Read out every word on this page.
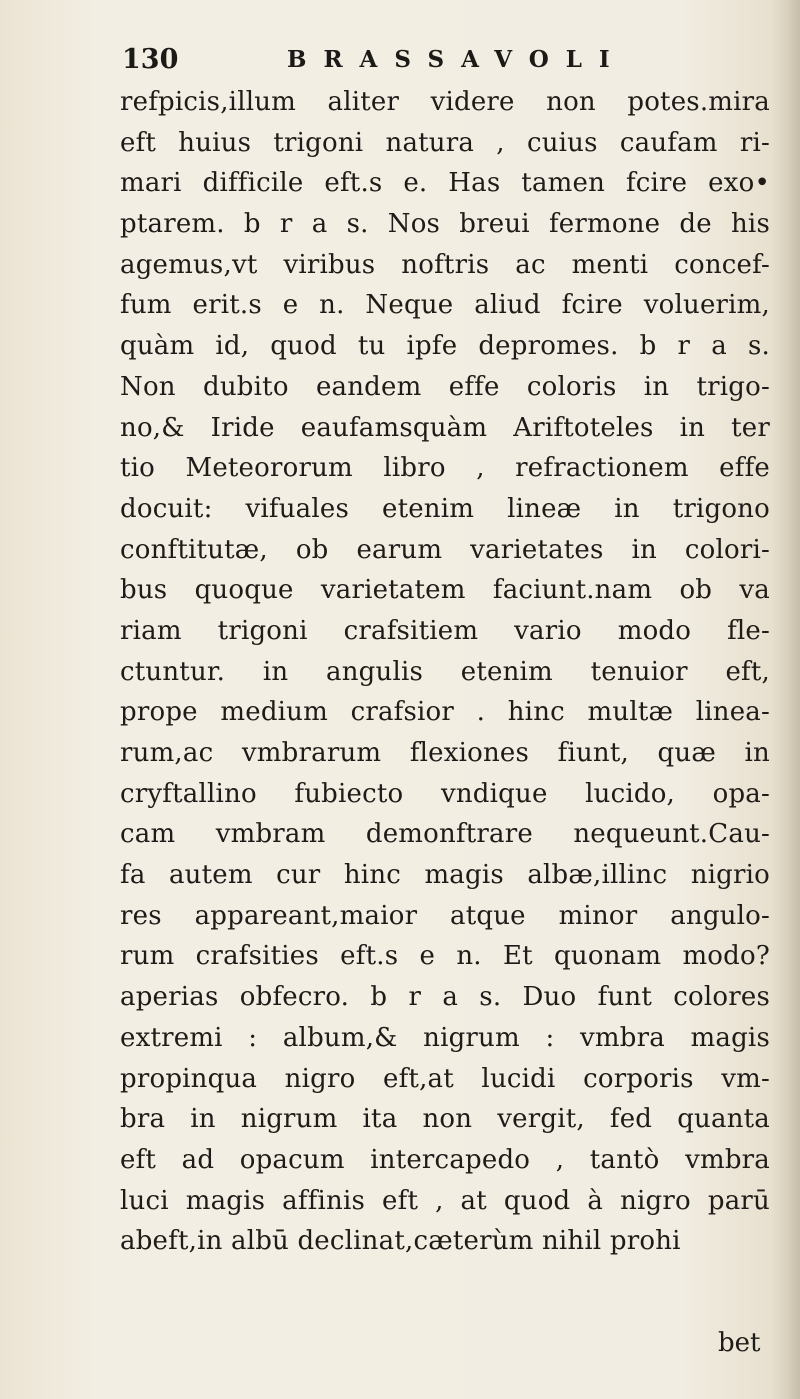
130	BRASSAVOLI
refpicis,illum aliter videre non potes.mira
eft huius trigoni natura , cuius caufam ri-
mari difficile eft.s e. Has tamen fcire exo•
ptarem. b r a s. Nos breui fermone de his
agemus,vt viribus noftris ac menti concef-
fum erit.s e n. Neque aliud fcire voluerim,
quàm id, quod tu ipfe depromes. b r a s.
Non dubito eandem effe coloris in trigo-
no,& Iride eaufamsquàm Ariftoteles in ter
tio Meteororum libro , refractionem effe
docuit: vifuales etenim lineæ in trigono
conftitutæ, ob earum varietates in colori-
bus quoque varietatem faciunt.nam ob va
riam trigoni crafsitiem vario modo fle-
ctuntur. in angulis etenim tenuior eft,
prope medium crafsior . hinc multæ linea-
rum,ac vmbrarum flexiones fiunt, quæ in
cryftallino fubiecto vndique lucido, opa-
cam vmbram demonftrare nequeunt.Cau-
fa autem cur hinc magis albæ,illinc nigrio
res appareant,maior atque minor angulo-
rum crafsities eft.s e n. Et quonam modo?
aperias obfecro. b r a s. Duo funt colores
extremi : album,& nigrum : vmbra magis
propinqua nigro eft,at lucidi corporis vm-
bra in nigrum ita non vergit, fed quanta
eft ad opacum intercapedo , tantò vmbra
luci magis affinis eft , at quod à nigro parū
abeft,in albū declinat,cæterùm nihil prohi
bet
